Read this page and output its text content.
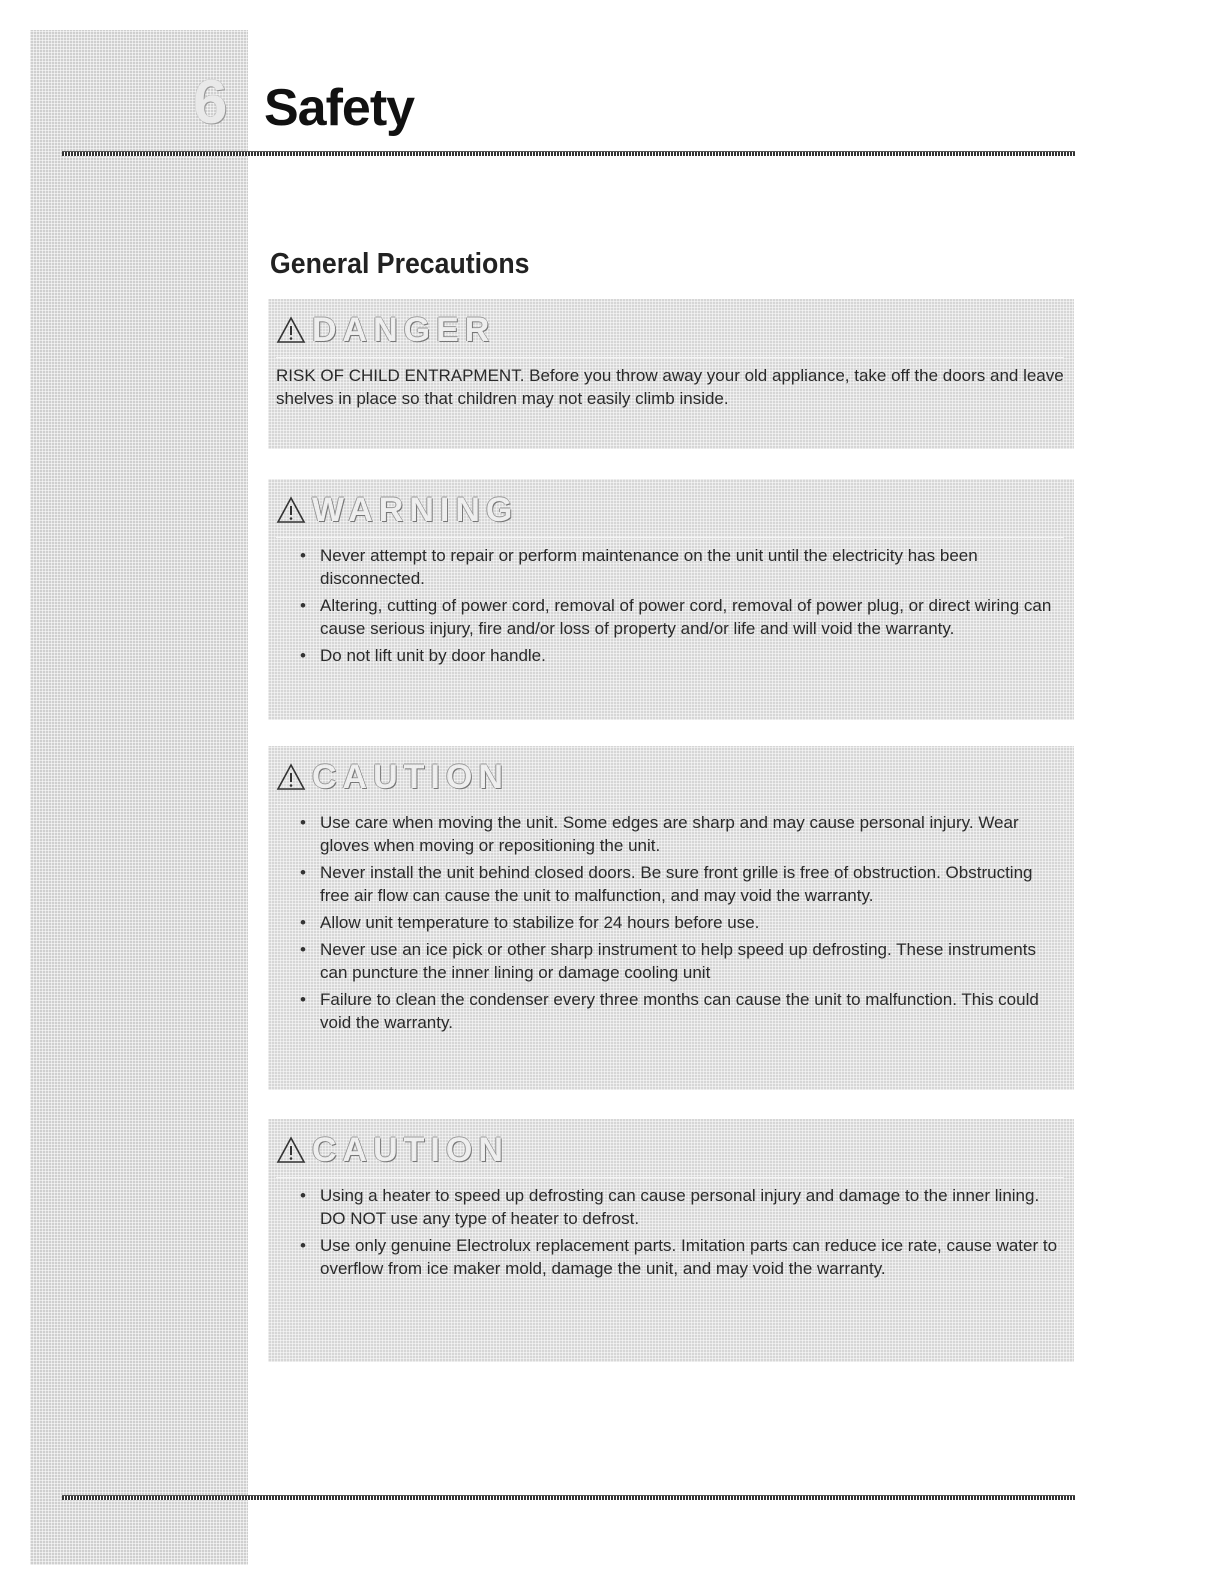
6 Safety
General Precautions
DANGER
RISK OF CHILD ENTRAPMENT. Before you throw away your old appliance, take off the doors and leave shelves in place so that children may not easily climb inside.
WARNING
• Never attempt to repair or perform maintenance on the unit until the electricity has been disconnected.
• Altering, cutting of power cord, removal of power cord, removal of power plug, or direct wiring can cause serious injury, fire and/or loss of property and/or life and will void the warranty.
• Do not lift unit by door handle.
CAUTION
• Use care when moving the unit. Some edges are sharp and may cause personal injury. Wear gloves when moving or repositioning the unit.
• Never install the unit behind closed doors. Be sure front grille is free of obstruction. Obstructing free air flow can cause the unit to malfunction, and may void the warranty.
• Allow unit temperature to stabilize for 24 hours before use.
• Never use an ice pick or other sharp instrument to help speed up defrosting. These instruments can puncture the inner lining or damage cooling unit
• Failure to clean the condenser every three months can cause the unit to malfunction. This could void the warranty.
CAUTION
• Using a heater to speed up defrosting can cause personal injury and damage to the inner lining. DO NOT use any type of heater to defrost.
• Use only genuine Electrolux replacement parts. Imitation parts can reduce ice rate, cause water to overflow from ice maker mold, damage the unit, and may void the warranty.
